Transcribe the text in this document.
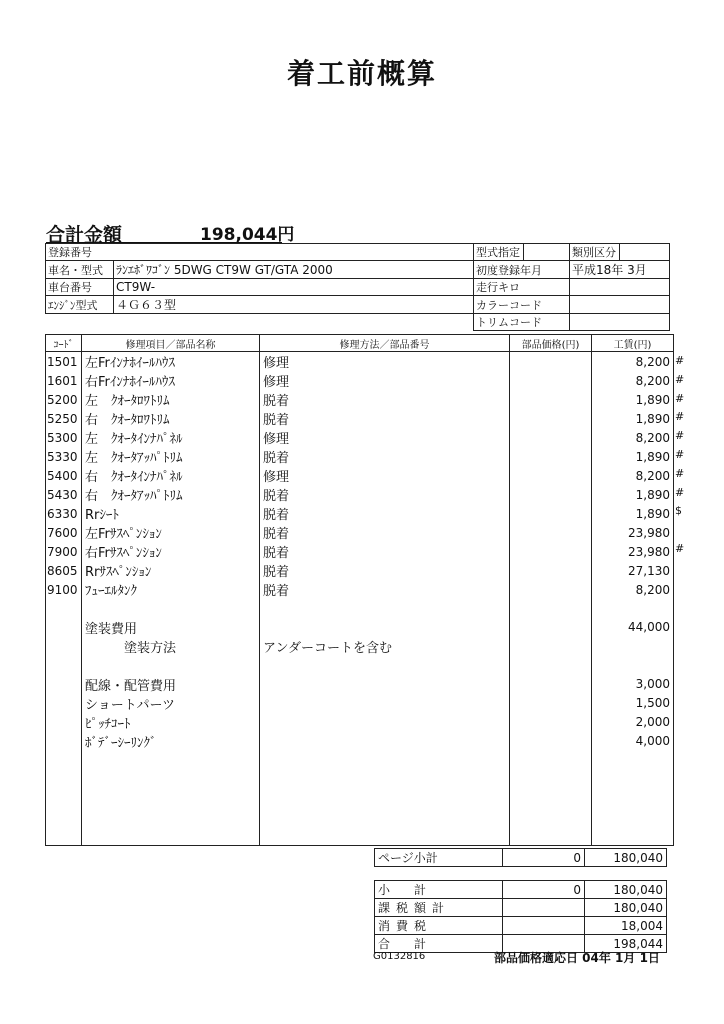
着工前概算
合計金額	198,044円
登録番号		型式指定		類別区分	
車名・型式	ﾗﾝｴﾎﾞﾜｺﾞﾝ 5DWG CT9W GT/GTA 2000	初度登録年月		平成18年 3月	
車台番号	CT9W-	走行キロ			
ｴﾝｼﾞﾝ型式	４Ｇ６３型	カラーコード			
		トリムコード			
ｺｰﾄﾞ	修理項目／部品名称	修理方法／部品番号	部品価格(円)	工賃(円)
1501	左Frｲﾝﾅﾎｲｰﾙﾊｳｽ	修理		8,200
1601	右Frｲﾝﾅﾎｲｰﾙﾊｳｽ	修理		8,200
5200	左　ｸｵｰﾀﾛﾜﾄﾘﾑ	脱着		1,890
5250	右　ｸｵｰﾀﾛﾜﾄﾘﾑ	脱着		1,890
5300	左　ｸｵｰﾀｲﾝﾅﾊﾟﾈﾙ	修理		8,200
5330	左　ｸｵｰﾀｱｯﾊﾟﾄﾘﾑ	脱着		1,890
5400	右　ｸｵｰﾀｲﾝﾅﾊﾟﾈﾙ	修理		8,200
5430	右　ｸｵｰﾀｱｯﾊﾟﾄﾘﾑ	脱着		1,890
6330	Rrｼｰﾄ	脱着		1,890
7600	左Frｻｽﾍﾟﾝｼｮﾝ	脱着		23,980
7900	右Frｻｽﾍﾟﾝｼｮﾝ	脱着		23,980
8605	Rrｻｽﾍﾟﾝｼｮﾝ	脱着		27,130
9100	ﾌｭｰｴﾙﾀﾝｸ	脱着		8,200

	塗装費用			44,000
	　　　塗装方法	アンダーコートを含む		

	配線・配管費用			3,000
	ショートパーツ			1,500
	ﾋﾟｯﾁｺｰﾄ			2,000
	ﾎﾞﾃﾞｰｼｰﾘﾝｸﾞ			4,000

#
#
#
#
#
#
#
#
$
#
ページ小計	0	180,040
小　計	0	180,040
課税額計		180,040
消費税		18,004
合　計		198,044
G0132816	部品価格適応日 04年 1月 1日
